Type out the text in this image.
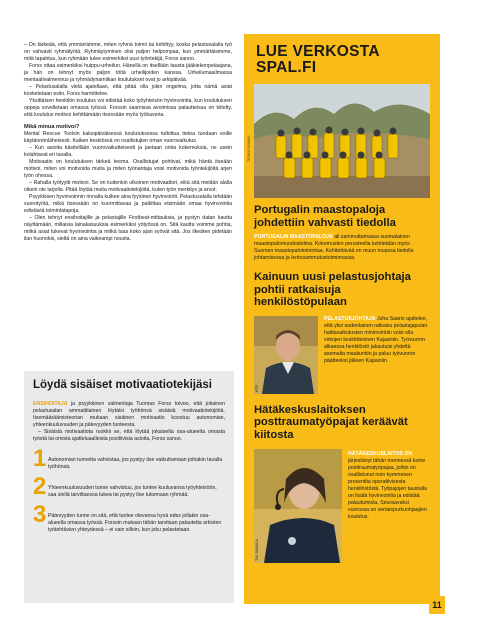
– On tärkeää, että ymmärrämme, miten ryhmä toimii tai kehittyy, koska pelastusalalla työ on vahvasti ryhmätyötä. Ryhmäytyminen olisi paljon helpompaa, kun ymmärtäisimme, mitä tapahtuu, kun ryhmään tulee esimerkiksi uusi työntekijä, Forss sanoo.

Forss ottaa esimerkiksi huippu-urheilun. Hänellä on itsellään tausta jääkiekonpelaajana, ja hän on tehnyt myös paljon töitä urheilijoiden kanssa. Urheilumaailmassa mentaalivalmennus ja ryhmädynamiikan koulutukset ovat jo arkipäivää.

– Pelastusalalla vielä ajatellaan, että pitää olla jokin ongelma, jotta nämä asiat kosketetaan esiin. Forss harmittelee.

Yksittäisen henkilön koulutus voi edistää koko työyhteisön hyvinvointia, kun koulutuksen oppeja sovelletaan omassa työssä. Forssin saamissa avoimissa palautteissa on kiitelty, että koulutus motivoi kehittämään itsessään myös työkaveria.

Mikä minua motivoi?

Mental Rescue Toolsin kaksipäiväisessä koulutuksessa tutkittua tietoa tuodaan esille käytännönläheisesti. Kaiken keskiössä on osallistujien oman vuorovaikutus.

– Kun asioita käsitellään vuorovaikutteisesti ja jaetaan omia kokemuksia, ne usein kolahtavat eri tavalla.

Motivaatio on koulutuksen tärkeä teema. Osallistujat pohtivat, mikä häntä itseään motivoi, miten voi motivoida muita ja miten työnantaja voisi motivoida työntekijöitä arjen työn ohessa.

– Rahalla työtyytti motivoi. Se on kuitenkin ulkoinen motivaattori, eikä sitä meidän alalla oikein ole tarjolla. Pitää löytää muita motivaatiotekijöitä, kuten työn merkitys ja arvot.

Psyykkisen hyvinvoinnin rinnalla kulkee aina fyysinen hyvinvointi. Pelastusalalla tehdään vuorotyötä, mikä itsessään on kuormittavaa ja palkittaa etsimään omaa hyvinvointia edistäviä toimintatapoja.

– Olen tehnyt ensihoitajille ja pelastajille Firstbeat-mittauksia, ja pystyn datan kautta näyttämään, millaisia lainalaisuuksia esimerkiksi yötyössä on. Sitä kautta voimme pohtia, mitkä asiat tukevat hyvinvointia ja mitkä taas koko ajan syövät sitä. Jos ilkeäten pidetään ilan huonoksi, sieltä on aina vaikeampi nousta.

Löydä sisäiset motivaatiotekijäsi

ENSIHOITAJA ja psyykkinen valmentaja Tuomas Forss toivoo, että jokainen pelastusalan ammattilainen löytäisi työhönsä sisäisiä motivaatiotekijöitä. Itsemääräämisteorian mukaan sisäinen motivaatio koostuu autonomian, yhteenkuuluvuuden ja pätevyyden tunteesta.

– Sisäistä motivaatiota ruokkii se, että löytää jokaiselta osa-alueelta omasta työstä tai omista ajatteluaalleista positiivisia asioita, Forss sanoo.

1 Autonomian tunnetta vahvistaa, jos pystyy itse vaikuttamaan joihakin tavalla työhönsä.
2 Yhteenkuuluvuuden tunne vahvistuu, jos tuntee kuuluvansa työyhteisöön, saa siellä tarvittaessa tukea tai pystyy itse tukemaan ryhmää.
3 Pätevyyden tunne on sitä, että tuntee olevansa hyvä edes jollakin osa-alueella omassa työssä. Forssin mukaan tähän tarvitaan palautetta arkisten työtehtävien yhteydessä – ei vain silloin, kun joku pelastetaan.
LUE VERKOSTA SPAL.FI
TEEMU KIRMAS
Portugalin maastopaloja johdettiin vahvasti tiedolla

PORTUGALIN MAASTOPALOJA ali sammuttamassa suomalainen maastopalomuodostelma. Kokemusten perusteella kehitetään myös Suomen maastopalotoimintaa. Kehitettävää on muun muassa tiedolla johtamisessa ja lentosammutustoiminnassa.

Kainuun uusi pelastusjohtaja pohtii ratkaisuja henkilöstöpulaan
KTR

PELASTUSJOHTAJA Juha Saario ajattelee, että yksi uudenlainen ratkaisu pelastajapulan haittavaikutusten minimointiin voisi olla virkojen keskittäminen Kajaaniin. Työvuoron alkaessa henkilöstö jakautuisi yhdeltä asemalta maakuntiin ja paluu työvuoron päätteeksi jälleen Kajaaniin.

Hätäkeskuslaitoksen posttraumatyöpajat keräävät kiitosta
TIIA JUNNILA

HÄTÄKESKUSLAITOS ON järjestänyt tähän mennessä koine posttraumatyöpajaa, joihin on osallistunut noin kymmenen prosenttia operatiivisesta henkilöstöstä. Työpajojen taustalla on lisätä hyvinvointia ja edistää palautumista. Seuraavaksi vuorossa on vertaispurkuohjaajien koulutus.

11
